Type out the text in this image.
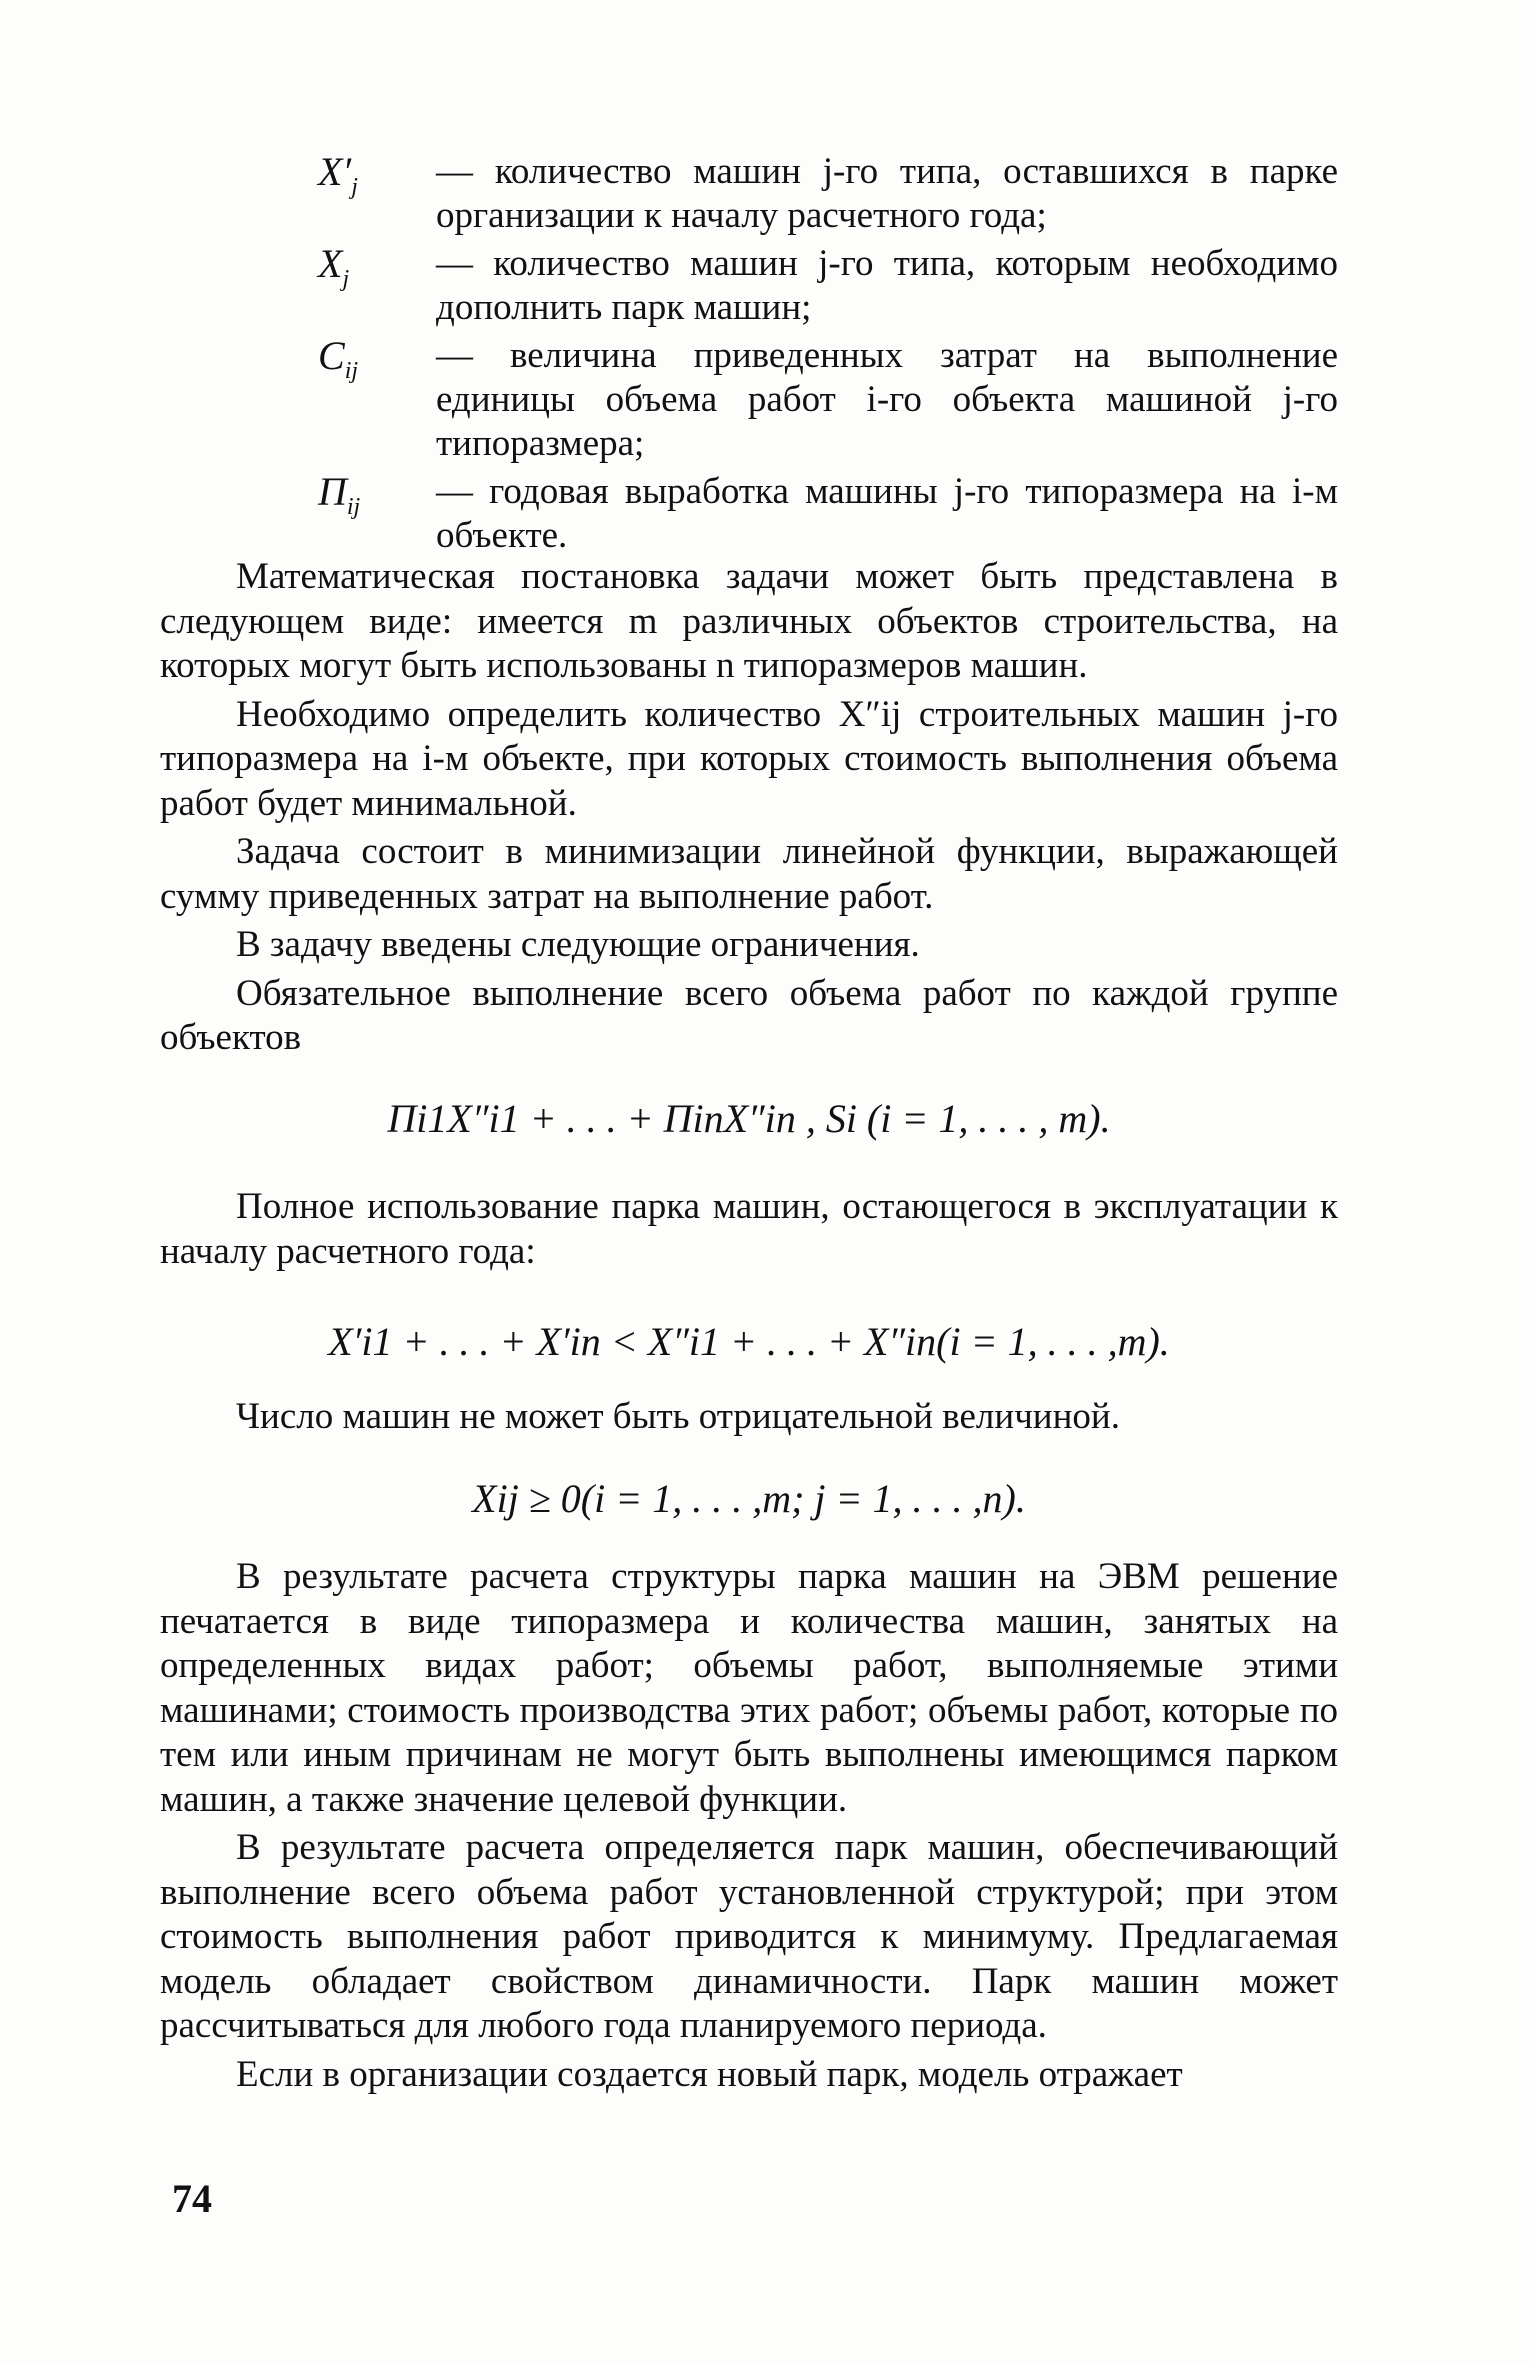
$X'_j$	— количество машин j-го типа, оставшихся в парке организации к началу расчетного года;
$X_j$	— количество машин j-го типа, которым необходимо дополнить парк машин;
$C_{ij}$	— величина приведенных затрат на выполнение единицы объема работ i-го объекта машиной j-го типоразмера;
$П_{ij}$	— годовая выработка машины j-го типоразмера на i-м объекте.

Математическая постановка задачи может быть представлена в следующем виде: имеется m различных объектов строительства, на которых могут быть использованы n типоразмеров машин.

Необходимо определить количество X″ij строительных машин j-го типоразмера на i-м объекте, при которых стоимость выполнения объема работ будет минимальной.

Задача состоит в минимизации линейной функции, выражающей сумму приведенных затрат на выполнение работ.

В задачу введены следующие ограничения.

Обязательное выполнение всего объема работ по каждой группе объектов

Пi1X″i1 + . . . + ПinX″in , Si (i = 1, . . . , m).

Полное использование парка машин, остающегося в эксплуатации к началу расчетного года:

X′i1 + . . . + X′in < X″i1 + . . . + X″in(i = 1, . . . ,m).

Число машин не может быть отрицательной величиной.

Xij ≥ 0(i = 1, . . . ,m; j = 1, . . . ,n).

В результате расчета структуры парка машин на ЭВМ решение печатается в виде типоразмера и количества машин, занятых на определенных видах работ; объемы работ, выполняемые этими машинами; стоимость производства этих работ; объемы работ, которые по тем или иным причинам не могут быть выполнены имеющимся парком машин, а также значение целевой функции.

В результате расчета определяется парк машин, обеспечивающий выполнение всего объема работ установленной структурой; при этом стоимость выполнения работ приводится к минимуму. Предлагаемая модель обладает свойством динамичности. Парк машин может рассчитываться для любого года планируемого периода.

Если в организации создается новый парк, модель отражает

74
